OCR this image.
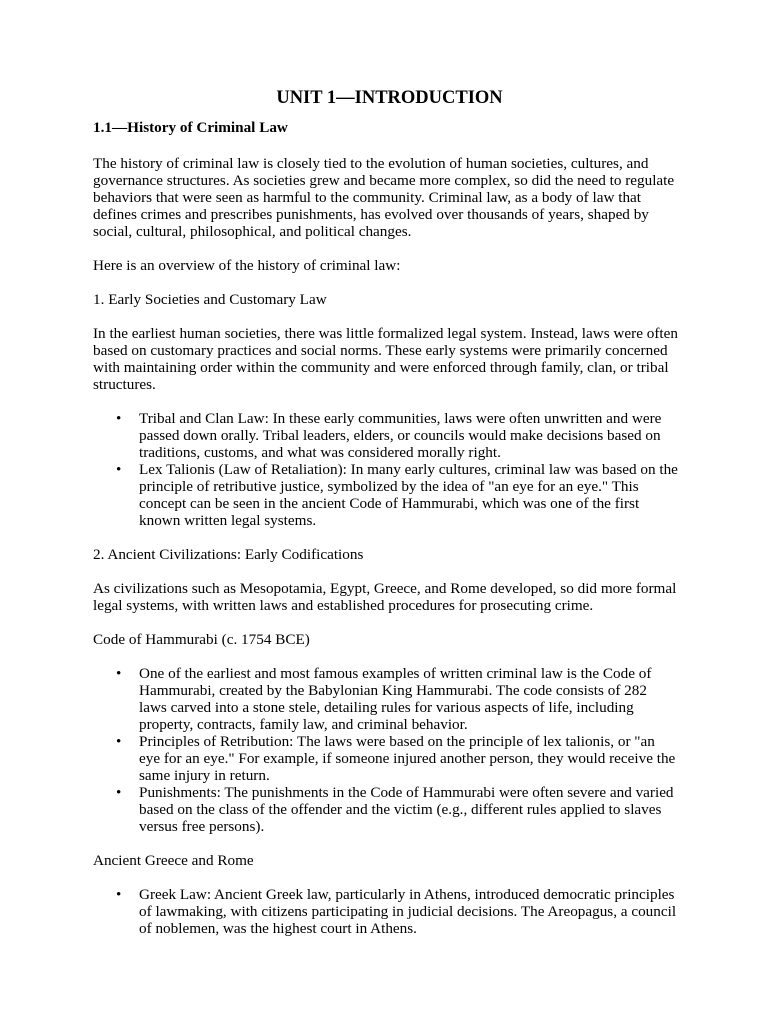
UNIT 1—INTRODUCTION
1.1—History of Criminal Law

The history of criminal law is closely tied to the evolution of human societies, cultures, and governance structures. As societies grew and became more complex, so did the need to regulate behaviors that were seen as harmful to the community. Criminal law, as a body of law that defines crimes and prescribes punishments, has evolved over thousands of years, shaped by social, cultural, philosophical, and political changes.

Here is an overview of the history of criminal law:

1. Early Societies and Customary Law

In the earliest human societies, there was little formalized legal system. Instead, laws were often based on customary practices and social norms. These early systems were primarily concerned with maintaining order within the community and were enforced through family, clan, or tribal structures.

• Tribal and Clan Law: In these early communities, laws were often unwritten and were passed down orally. Tribal leaders, elders, or councils would make decisions based on traditions, customs, and what was considered morally right.
• Lex Talionis (Law of Retaliation): In many early cultures, criminal law was based on the principle of retributive justice, symbolized by the idea of "an eye for an eye." This concept can be seen in the ancient Code of Hammurabi, which was one of the first known written legal systems.

2. Ancient Civilizations: Early Codifications

As civilizations such as Mesopotamia, Egypt, Greece, and Rome developed, so did more formal legal systems, with written laws and established procedures for prosecuting crime.

Code of Hammurabi (c. 1754 BCE)

• One of the earliest and most famous examples of written criminal law is the Code of Hammurabi, created by the Babylonian King Hammurabi. The code consists of 282 laws carved into a stone stele, detailing rules for various aspects of life, including property, contracts, family law, and criminal behavior.
• Principles of Retribution: The laws were based on the principle of lex talionis, or "an eye for an eye." For example, if someone injured another person, they would receive the same injury in return.
• Punishments: The punishments in the Code of Hammurabi were often severe and varied based on the class of the offender and the victim (e.g., different rules applied to slaves versus free persons).

Ancient Greece and Rome

• Greek Law: Ancient Greek law, particularly in Athens, introduced democratic principles of lawmaking, with citizens participating in judicial decisions. The Areopagus, a council of noblemen, was the highest court in Athens.
